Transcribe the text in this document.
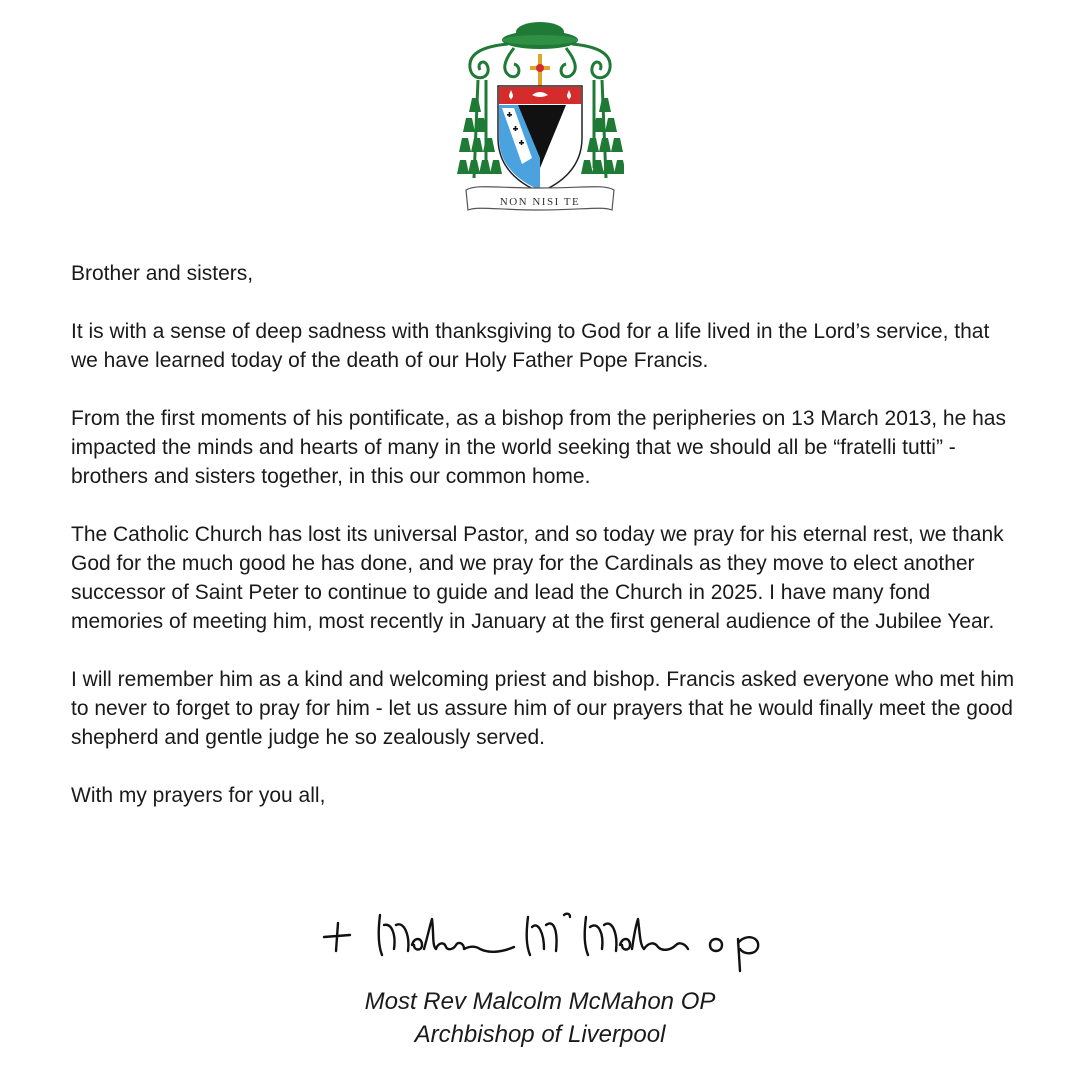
NON NISI TE

Brother and sisters,

It is with a sense of deep sadness with thanksgiving to God for a life lived in the Lord’s service, that we have learned today of the death of our Holy Father Pope Francis.

From the first moments of his pontificate, as a bishop from the peripheries on 13 March 2013, he has impacted the minds and hearts of many in the world seeking that we should all be “fratelli tutti” - brothers and sisters together, in this our common home.

The Catholic Church has lost its universal Pastor, and so today we pray for his eternal rest, we thank God for the much good he has done, and we pray for the Cardinals as they move to elect another successor of Saint Peter to continue to guide and lead the Church in 2025. I have many fond memories of meeting him, most recently in January at the first general audience of the Jubilee Year.

I will remember him as a kind and welcoming priest and bishop. Francis asked everyone who met him to never to forget to pray for him - let us assure him of our prayers that he would finally meet the good shepherd and gentle judge he so zealously served.

With my prayers for you all,

Most Rev Malcolm McMahon OP
Archbishop of Liverpool
